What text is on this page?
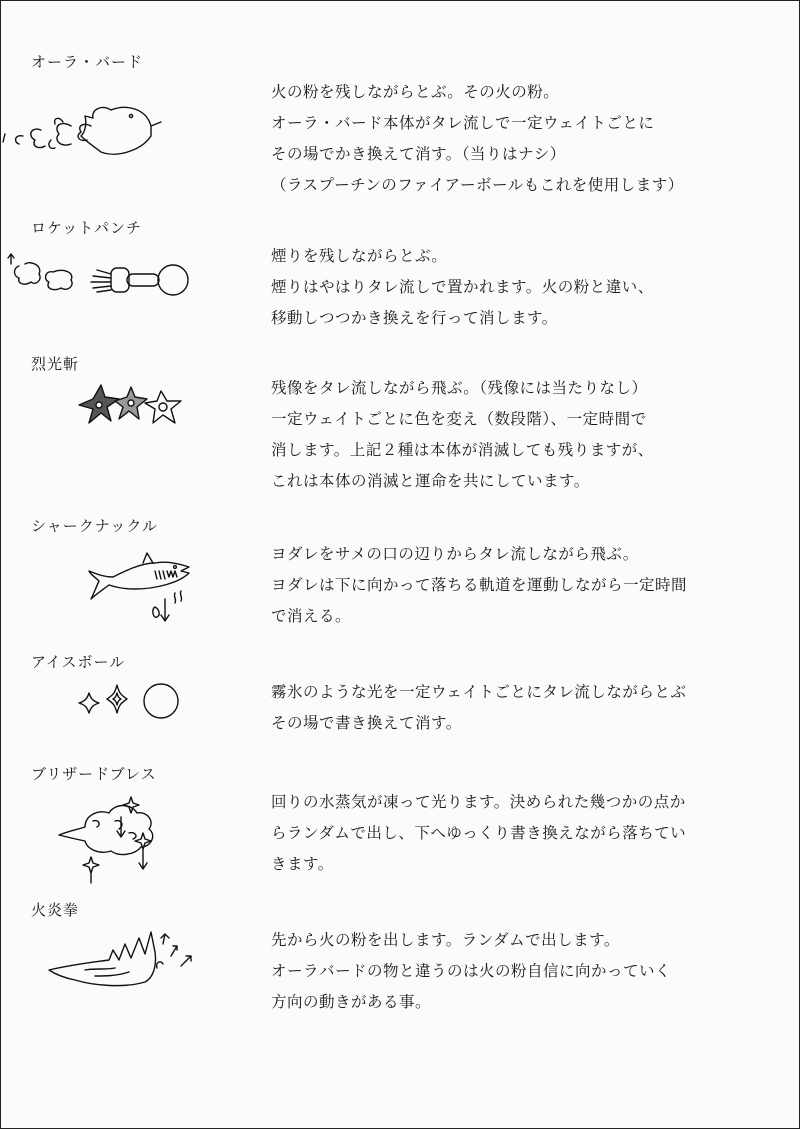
オーラ・バード
火の粉を残しながらとぶ。その火の粉。
オーラ・バード本体がタレ流しで一定ウェイトごとに
その場でかき換えて消す。（当りはナシ）
（ラスプーチンのファイアーボールもこれを使用します）
ロケットパンチ
煙りを残しながらとぶ。
煙りはやはりタレ流しで置かれます。火の粉と違い、
移動しつつかき換えを行って消します。
烈光斬
残像をタレ流しながら飛ぶ。（残像には当たりなし）
一定ウェイトごとに色を変え（数段階）、一定時間で
消します。上記２種は本体が消滅しても残りますが、
これは本体の消滅と運命を共にしています。
シャークナックル
ヨダレをサメの口の辺りからタレ流しながら飛ぶ。
ヨダレは下に向かって落ちる軌道を運動しながら一定時間
で消える。
アイスボール
霧氷のような光を一定ウェイトごとにタレ流しながらとぶ
その場で書き換えて消す。
ブリザードブレス
回りの水蒸気が凍って光ります。決められた幾つかの点か
らランダムで出し、下へゆっくり書き換えながら落ちてい
きます。
火炎拳
先から火の粉を出します。ランダムで出します。
オーラバードの物と違うのは火の粉自信に向かっていく
方向の動きがある事。
